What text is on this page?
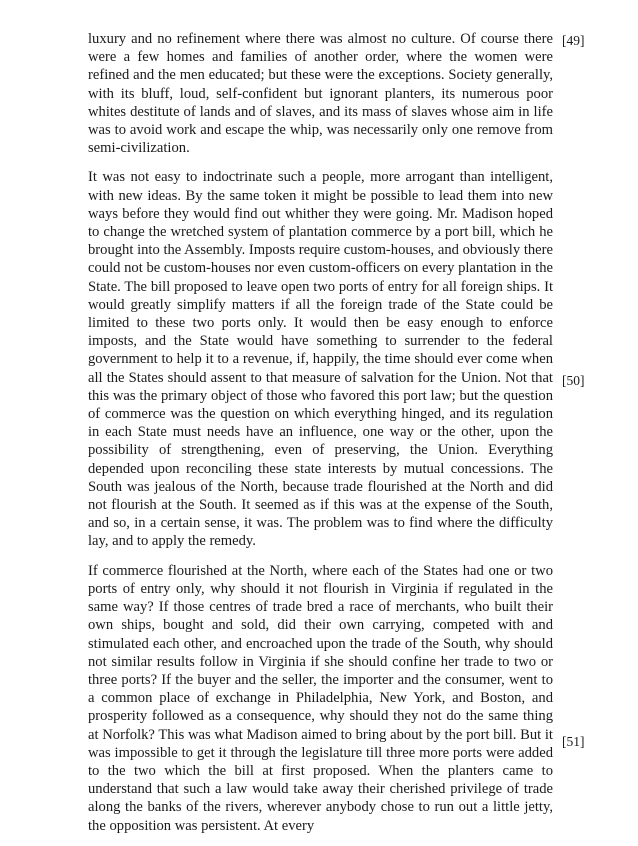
luxury and no refinement where there was almost no culture. Of course there were a few homes and families of another order, where the women were refined and the men educated; but these were the exceptions. Society generally, with its bluff, loud, self-confident but ignorant planters, its numerous poor whites destitute of lands and of slaves, and its mass of slaves whose aim in life was to avoid work and escape the whip, was necessarily only one remove from semi-civilization.

It was not easy to indoctrinate such a people, more arrogant than intelligent, with new ideas. By the same token it might be possible to lead them into new ways before they would find out whither they were going. Mr. Madison hoped to change the wretched system of plantation commerce by a port bill, which he brought into the Assembly. Imposts require custom-houses, and obviously there could not be custom-houses nor even custom-officers on every plantation in the State. The bill proposed to leave open two ports of entry for all foreign ships. It would greatly simplify matters if all the foreign trade of the State could be limited to these two ports only. It would then be easy enough to enforce imposts, and the State would have something to surrender to the federal government to help it to a revenue, if, happily, the time should ever come when all the States should assent to that measure of salvation for the Union. Not that this was the primary object of those who favored this port law; but the question of commerce was the question on which everything hinged, and its regulation in each State must needs have an influence, one way or the other, upon the possibility of strengthening, even of preserving, the Union. Everything depended upon reconciling these state interests by mutual concessions. The South was jealous of the North, because trade flourished at the North and did not flourish at the South. It seemed as if this was at the expense of the South, and so, in a certain sense, it was. The problem was to find where the difficulty lay, and to apply the remedy.

If commerce flourished at the North, where each of the States had one or two ports of entry only, why should it not flourish in Virginia if regulated in the same way? If those centres of trade bred a race of merchants, who built their own ships, bought and sold, did their own carrying, competed with and stimulated each other, and encroached upon the trade of the South, why should not similar results follow in Virginia if she should confine her trade to two or three ports? If the buyer and the seller, the importer and the consumer, went to a common place of exchange in Philadelphia, New York, and Boston, and prosperity followed as a consequence, why should they not do the same thing at Norfolk? This was what Madison aimed to bring about by the port bill. But it was impossible to get it through the legislature till three more ports were added to the two which the bill at first proposed. When the planters came to understand that such a law would take away their cherished privilege of trade along the banks of the rivers, wherever anybody chose to run out a little jetty, the opposition was persistent. At every

[49]
[50]
[51]
